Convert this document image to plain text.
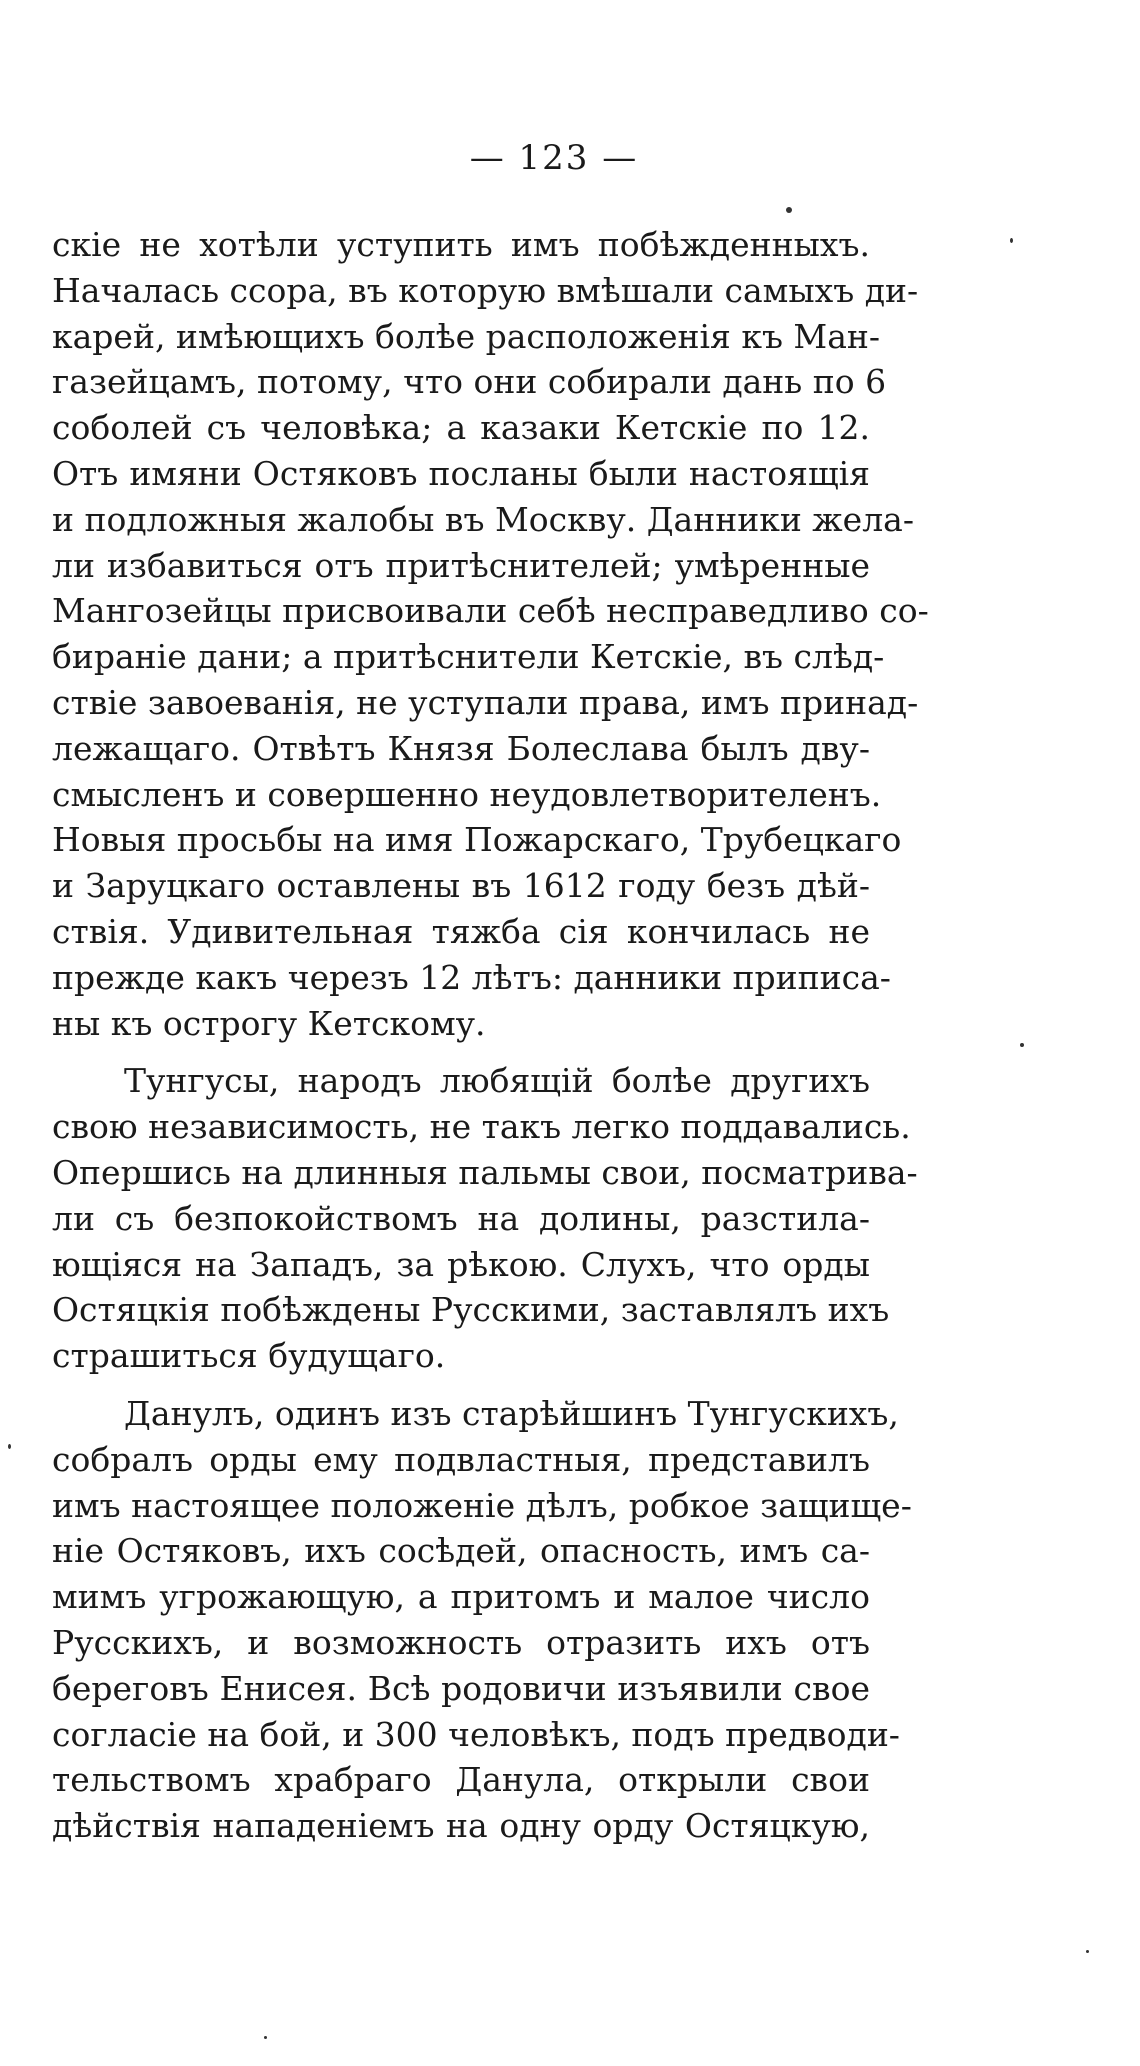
— 123 —
скіе не хотѣли уступить имъ побѣжденныхъ.
Началась ссора, въ которую вмѣшали самыхъ ди-
карей, имѣющихъ болѣе расположенія къ Ман-
газейцамъ, потому, что они собирали дань по 6
соболей съ человѣка; а казаки Кетскіе по 12.
Отъ имяни Остяковъ посланы были настоящія
и подложныя жалобы въ Москву. Данники жела-
ли избавиться отъ притѣснителей; умѣренные
Мангозейцы присвоивали себѣ несправедливо со-
бираніе дани; а притѣснители Кетскіе, въ слѣд-
ствіе завоеванія, не уступали права, имъ принад-
лежащаго. Отвѣтъ Князя Болеслава былъ дву-
смысленъ и совершенно неудовлетворителенъ.
Новыя просьбы на имя Пожарскаго, Трубецкаго
и Заруцкаго оставлены въ 1612 году безъ дѣй-
ствія. Удивительная тяжба сія кончилась не
прежде какъ черезъ 12 лѣтъ: данники приписа-
ны къ острогу Кетскому.
Тунгусы, народъ любящій болѣе другихъ
свою независимость, не такъ легко поддавались.
Опершись на длинныя пальмы свои, посматрива-
ли съ безпокойствомъ на долины, разстила-
ющіяся на Западъ, за рѣкою. Слухъ, что орды
Остяцкія побѣждены Русскими, заставлялъ ихъ
страшиться будущаго.
Данулъ, одинъ изъ старѣйшинъ Тунгускихъ,
собралъ орды ему подвластныя, представилъ
имъ настоящее положеніе дѣлъ, робкое защище-
ніе Остяковъ, ихъ сосѣдей, опасность, имъ са-
мимъ угрожающую, а притомъ и малое число
Русскихъ, и возможность отразить ихъ отъ
береговъ Енисея. Всѣ родовичи изъявили свое
согласіе на бой, и 300 человѣкъ, подъ предводи-
тельствомъ храбраго Данула, открыли свои
дѣйствія нападеніемъ на одну орду Остяцкую,
